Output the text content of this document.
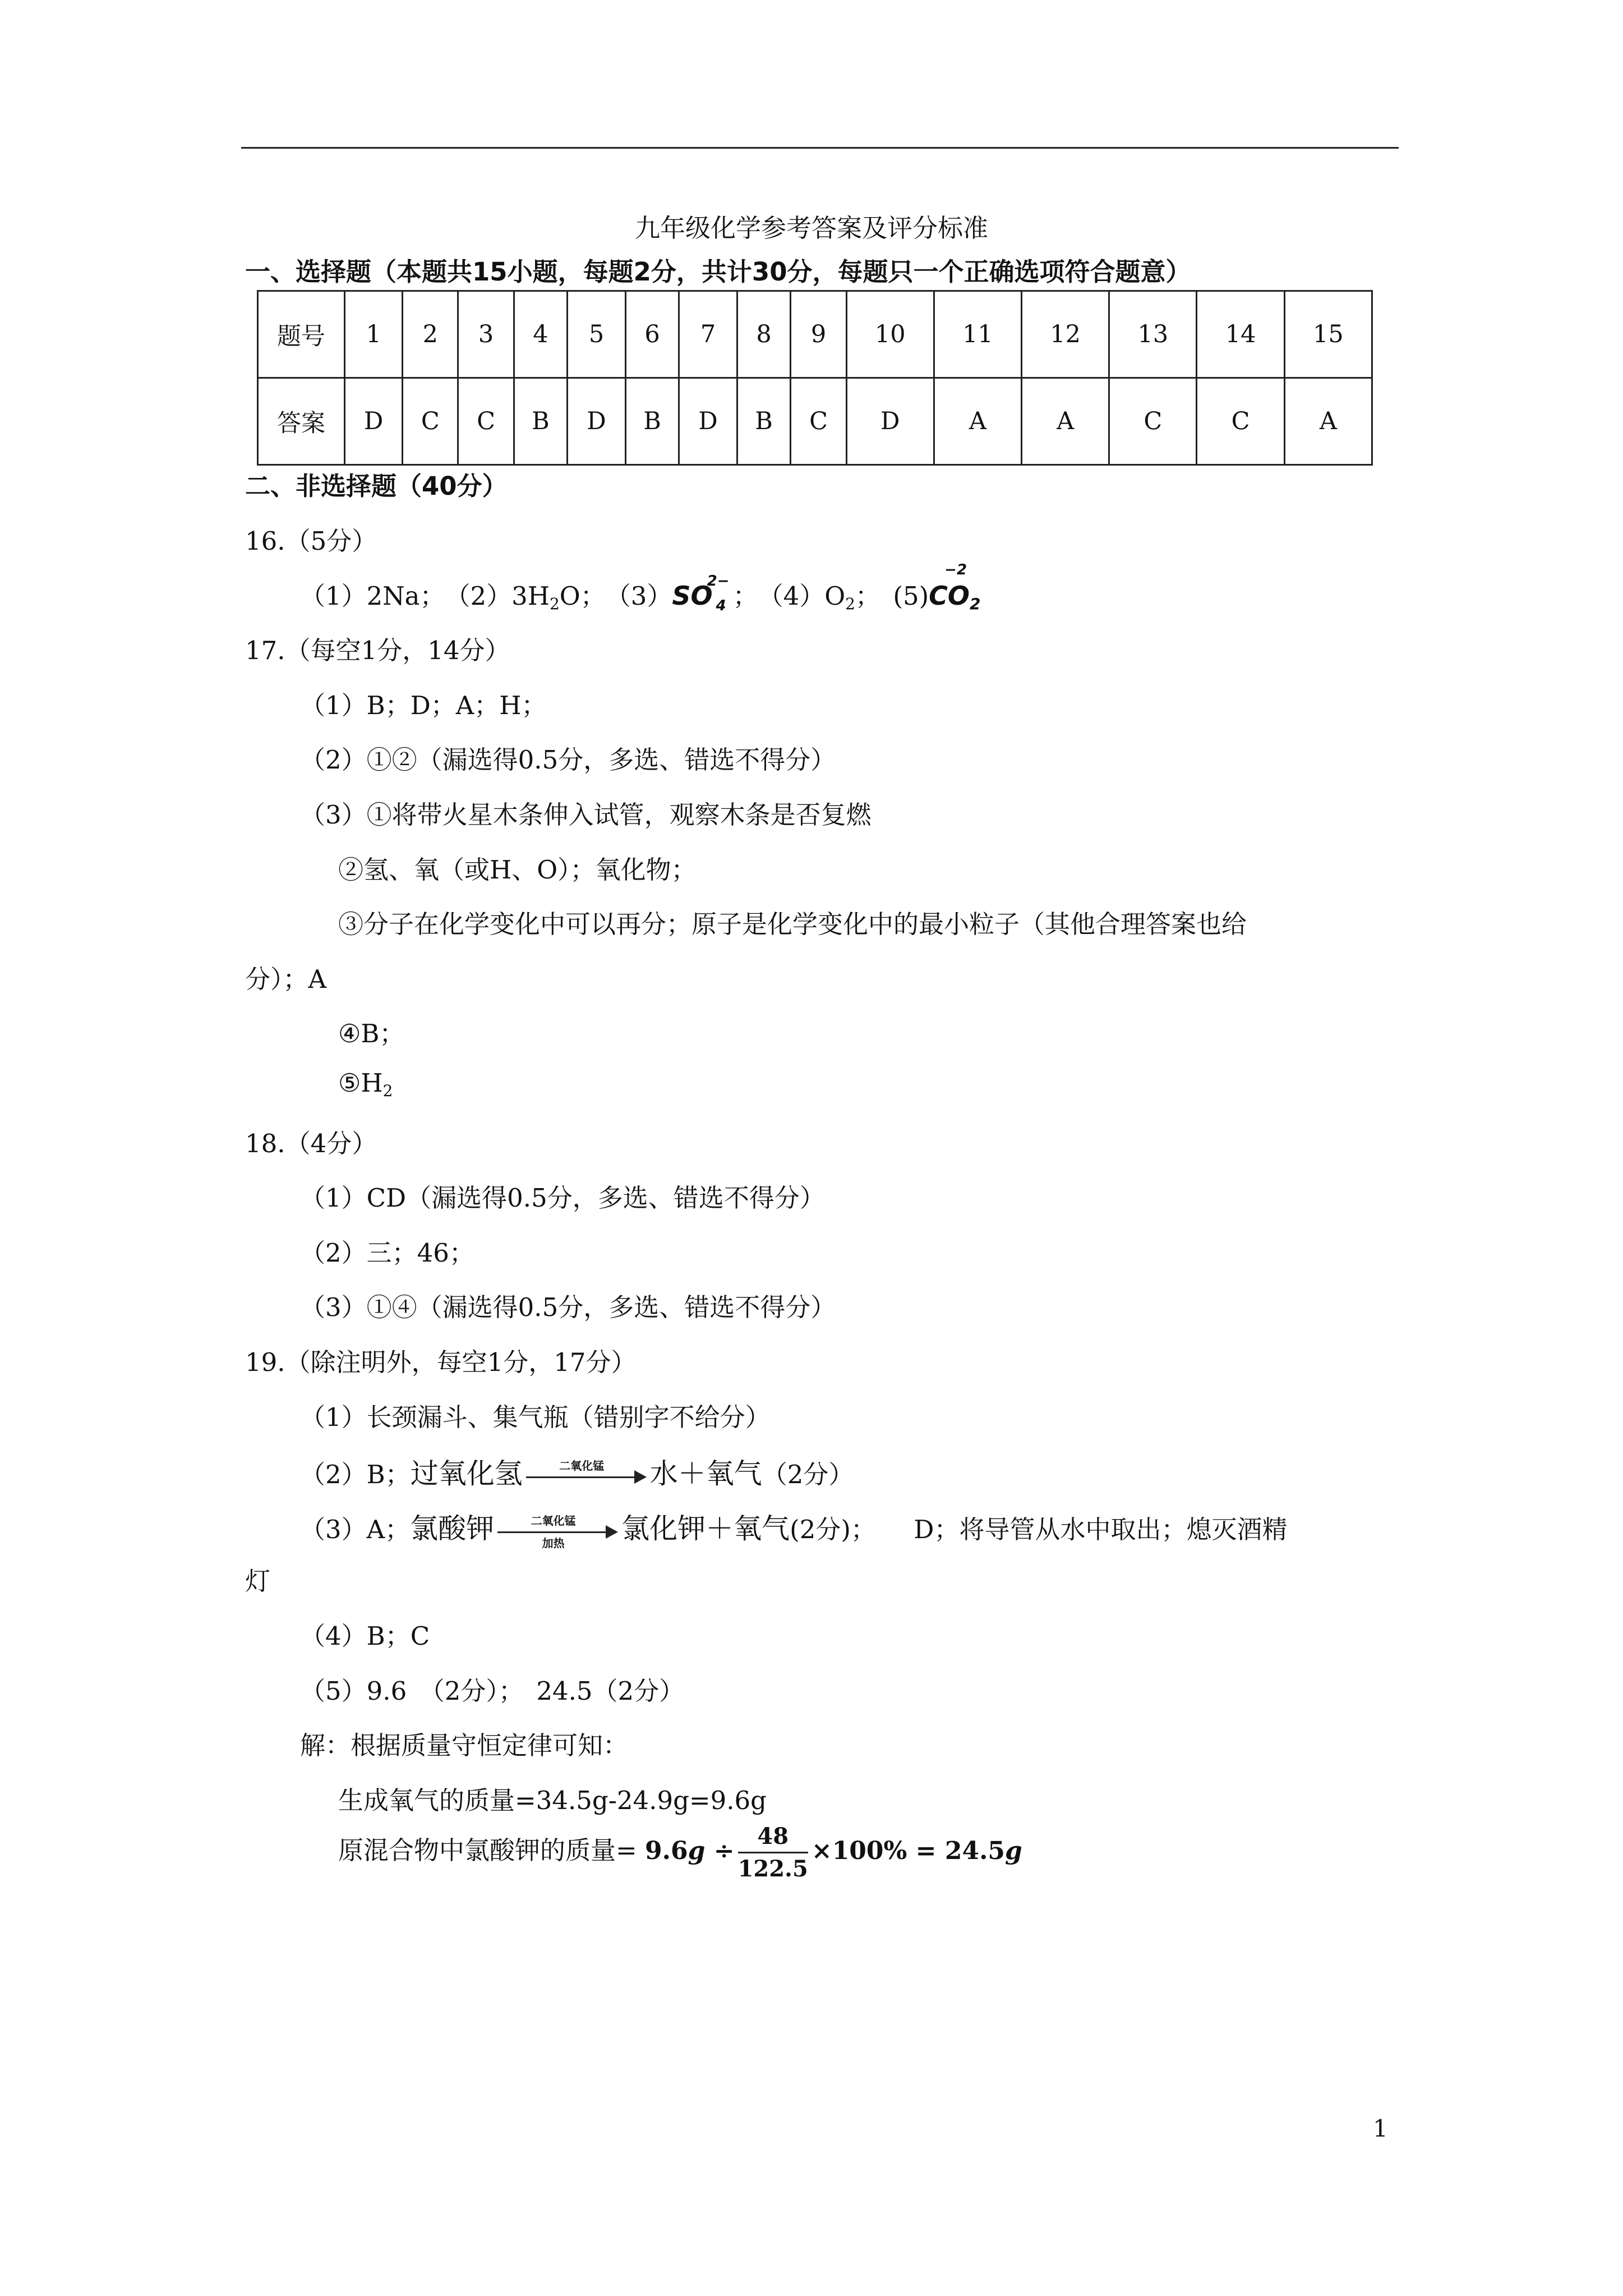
九年级化学参考答案及评分标准
一、选择题（本题共15小题，每题2分，共计30分，每题只一个正确选项符合题意）
题号	1	2	3	4	5	6	7	8	9	10	11	12	13	14	15
答案	D	C	C	B	D	B	D	B	C	D	A	A	C	C	A
二、非选择题（40分）
16.（5分）
（1）2Na；　$(2)3H_2O$；　（3）SO
2−
4 ；　$(4)O_2$；　(5)
−2
$CO_2$
17.（每空1分，14分）
（1）B；D；A；H；
（2）①②（漏选得0.5分，多选、错选不得分）
（3）①将带火星木条伸入试管，观察木条是否复燃
②氢、氧（或H、O）；氧化物；
③分子在化学变化中可以再分；原子是化学变化中的最小粒子（其他合理答案也给
分）；A
④B；
$⑤H_2$
18.（4分）
（1）CD（漏选得0.5分，多选、错选不得分）
（2）三；46；
（3）①④（漏选得0.5分，多选、错选不得分）
19.（除注明外，每空1分，17分）
（1）长颈漏斗、集气瓶（错别字不给分）
（2）B；过氧化氢	二氧化锰	水＋氧气（2分）
（3）A；氯酸钾	二氧化锰
加热	氯化钾＋氧气(2分)；　　D；将导管从水中取出；熄灭酒精
灯
（4）B；C
（5）9.6　（2分）；　24.5（2分）
解：根据质量守恒定律可知：
生成氧气的质量=34.5g-24.9g=9.6g
原混合物中氯酸钾的质量= $9.6g \div \frac{48}{122.5} \times 100\% = 24.5g$
1
